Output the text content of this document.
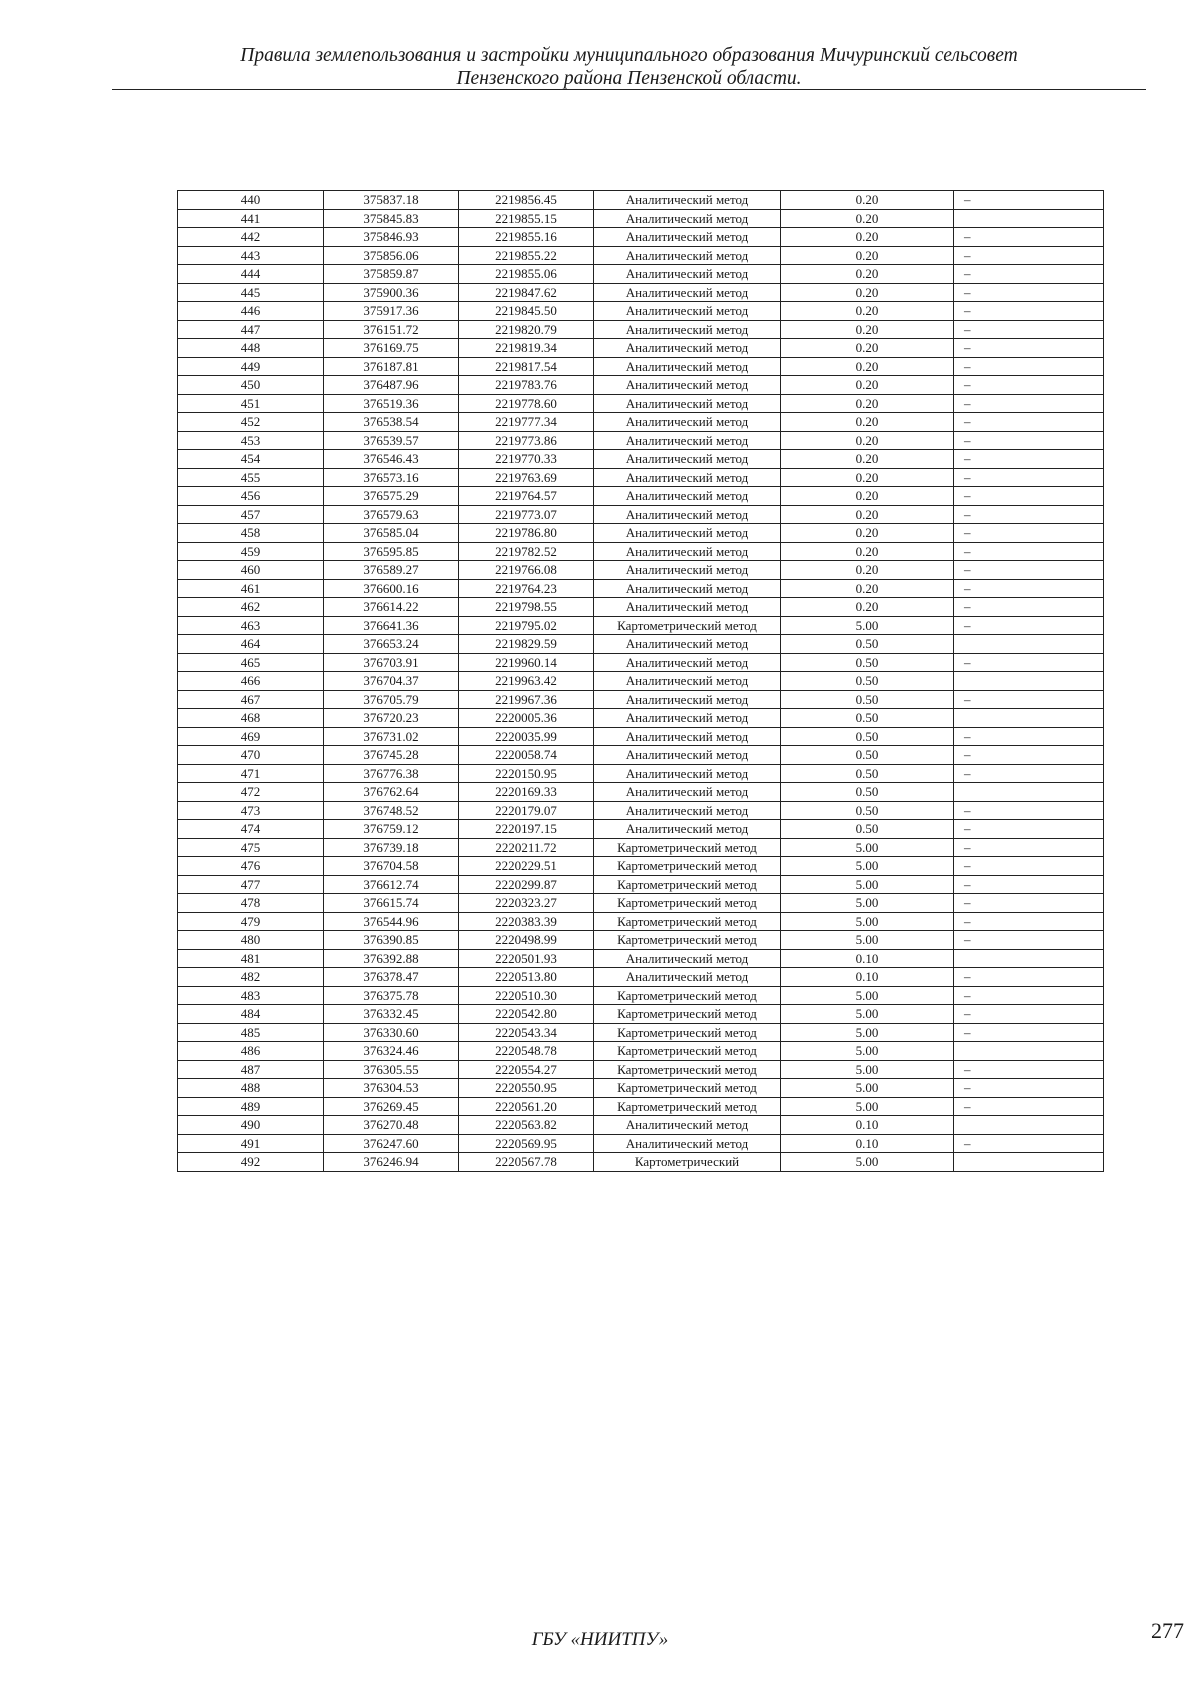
Правила землепользования и застройки муниципального образования Мичуринский сельсовет
Пензенского района Пензенской области.
440	375837.18	2219856.45	Аналитический метод	0.20	–
441	375845.83	2219855.15	Аналитический метод	0.20	
442	375846.93	2219855.16	Аналитический метод	0.20	–
443	375856.06	2219855.22	Аналитический метод	0.20	–
444	375859.87	2219855.06	Аналитический метод	0.20	–
445	375900.36	2219847.62	Аналитический метод	0.20	–
446	375917.36	2219845.50	Аналитический метод	0.20	–
447	376151.72	2219820.79	Аналитический метод	0.20	–
448	376169.75	2219819.34	Аналитический метод	0.20	–
449	376187.81	2219817.54	Аналитический метод	0.20	–
450	376487.96	2219783.76	Аналитический метод	0.20	–
451	376519.36	2219778.60	Аналитический метод	0.20	–
452	376538.54	2219777.34	Аналитический метод	0.20	–
453	376539.57	2219773.86	Аналитический метод	0.20	–
454	376546.43	2219770.33	Аналитический метод	0.20	–
455	376573.16	2219763.69	Аналитический метод	0.20	–
456	376575.29	2219764.57	Аналитический метод	0.20	–
457	376579.63	2219773.07	Аналитический метод	0.20	–
458	376585.04	2219786.80	Аналитический метод	0.20	–
459	376595.85	2219782.52	Аналитический метод	0.20	–
460	376589.27	2219766.08	Аналитический метод	0.20	–
461	376600.16	2219764.23	Аналитический метод	0.20	–
462	376614.22	2219798.55	Аналитический метод	0.20	–
463	376641.36	2219795.02	Картометрический метод	5.00	–
464	376653.24	2219829.59	Аналитический метод	0.50	
465	376703.91	2219960.14	Аналитический метод	0.50	–
466	376704.37	2219963.42	Аналитический метод	0.50	
467	376705.79	2219967.36	Аналитический метод	0.50	–
468	376720.23	2220005.36	Аналитический метод	0.50	
469	376731.02	2220035.99	Аналитический метод	0.50	–
470	376745.28	2220058.74	Аналитический метод	0.50	–
471	376776.38	2220150.95	Аналитический метод	0.50	–
472	376762.64	2220169.33	Аналитический метод	0.50	
473	376748.52	2220179.07	Аналитический метод	0.50	–
474	376759.12	2220197.15	Аналитический метод	0.50	–
475	376739.18	2220211.72	Картометрический метод	5.00	–
476	376704.58	2220229.51	Картометрический метод	5.00	–
477	376612.74	2220299.87	Картометрический метод	5.00	–
478	376615.74	2220323.27	Картометрический метод	5.00	–
479	376544.96	2220383.39	Картометрический метод	5.00	–
480	376390.85	2220498.99	Картометрический метод	5.00	–
481	376392.88	2220501.93	Аналитический метод	0.10	
482	376378.47	2220513.80	Аналитический метод	0.10	–
483	376375.78	2220510.30	Картометрический метод	5.00	–
484	376332.45	2220542.80	Картометрический метод	5.00	–
485	376330.60	2220543.34	Картометрический метод	5.00	–
486	376324.46	2220548.78	Картометрический метод	5.00	
487	376305.55	2220554.27	Картометрический метод	5.00	–
488	376304.53	2220550.95	Картометрический метод	5.00	–
489	376269.45	2220561.20	Картометрический метод	5.00	–
490	376270.48	2220563.82	Аналитический метод	0.10	
491	376247.60	2220569.95	Аналитический метод	0.10	–
492	376246.94	2220567.78	Картометрический	5.00	
ГБУ «НИИТПУ»	277
